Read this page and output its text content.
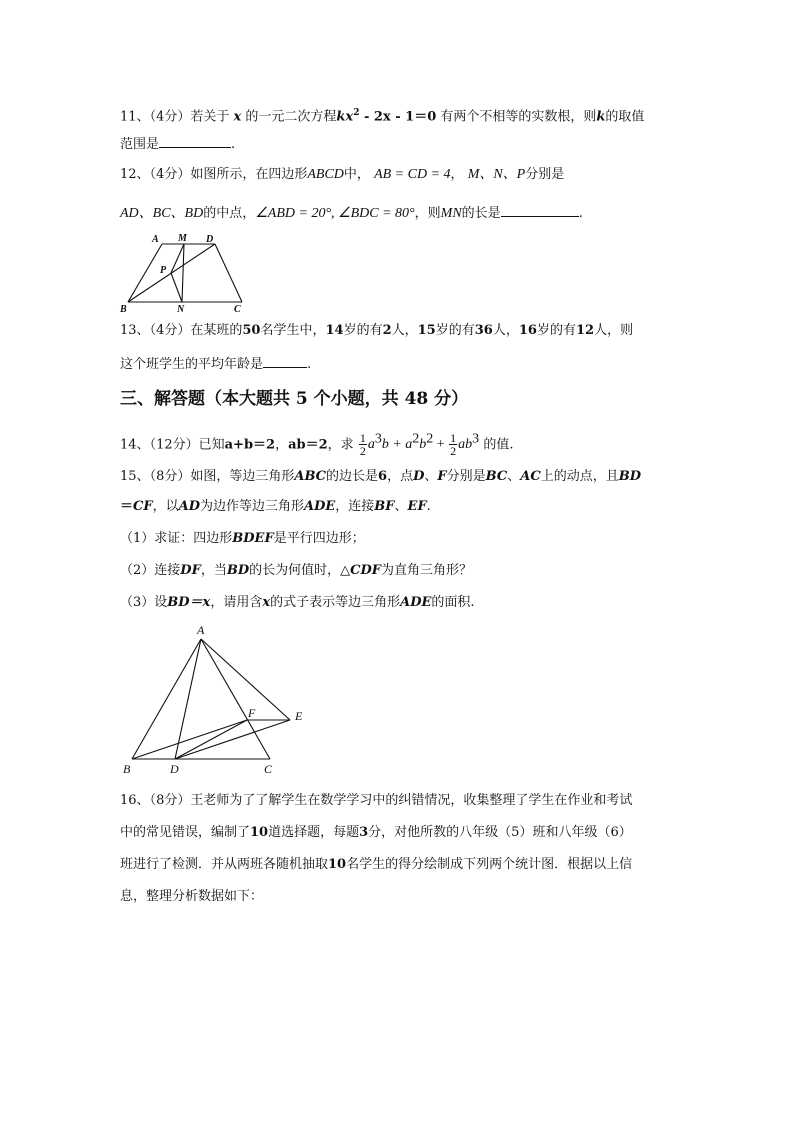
11、（4分）若关于 x 的一元二次方程$kx^2 - 2x - 1=0$ 有两个不相等的实数根，则k的取值
范围是	.
12、（4分）如图所示，在四边形ABCD中， AB = CD = 4， M、N、P分别是
AD、BC、BD的中点，∠ABD = 20°, ∠BDC = 80°，则MN的长是	.
A M D
P
B	N	C
13、（4分）在某班的50名学生中，14岁的有2人，15岁的有36人，16岁的有12人，则
这个班学生的平均年龄是	.
三、解答题（本大题共 5 个小题，共 48 分）
14、（12分）已知a+b＝2，ab＝2，求 $\frac{1}{2} a^3b + a^2b^2 + \frac{1}{2} ab^3$ 的值.
15、（8分）如图，等边三角形ABC的边长是6，点D、F分别是BC、AC上的动点，且BD
＝CF，以AD为边作等边三角形ADE，连接BF、EF.
（1）求证：四边形BDEF是平行四边形；
（2）连接DF，当BD的长为何值时，△CDF为直角三角形？
（3）设BD＝x，请用含x的式子表示等边三角形ADE的面积.
A
F	E
B	D	C
16、（8分）王老师为了了解学生在数学学习中的纠错情况，收集整理了学生在作业和考试
中的常见错误，编制了10道选择题，每题3分，对他所教的八年级（5）班和八年级（6）
班进行了检测．并从两班各随机抽取10名学生的得分绘制成下列两个统计图．根据以上信
息，整理分析数据如下：
